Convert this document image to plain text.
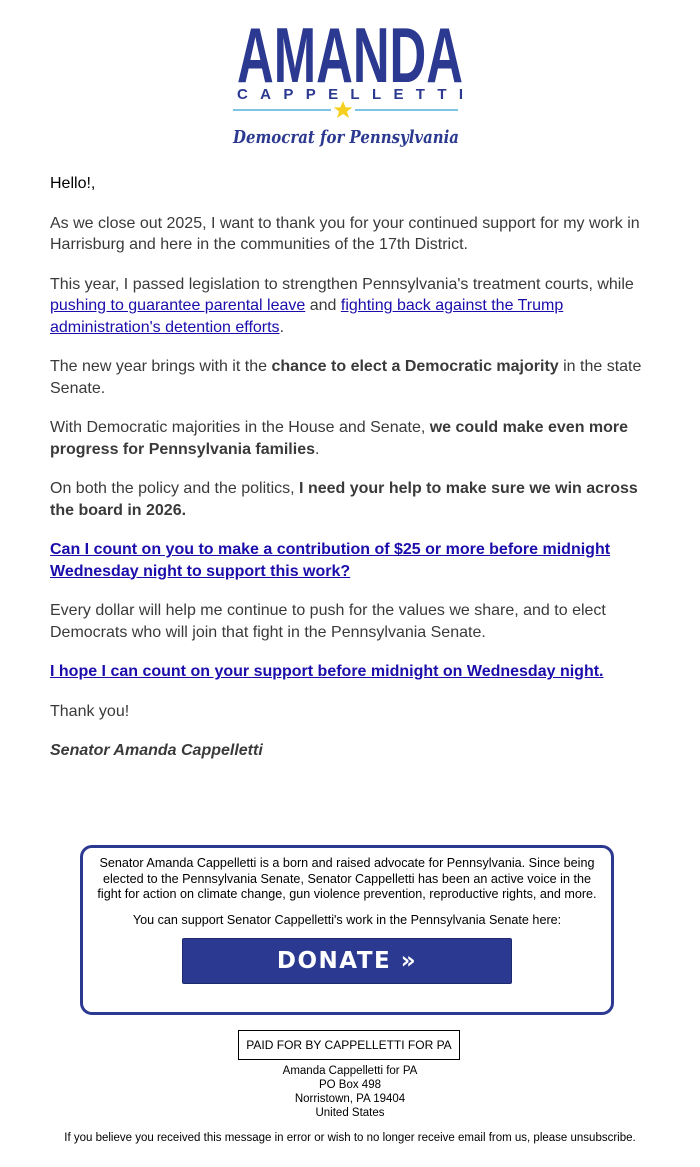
AMANDA
CAPPELLETTI
Democrat for Pennsylvania

Hello!,

As we close out 2025, I want to thank you for your continued support for my work in Harrisburg and here in the communities of the 17th District.

This year, I passed legislation to strengthen Pennsylvania's treatment courts, while pushing to guarantee parental leave and fighting back against the Trump administration's detention efforts.

The new year brings with it the chance to elect a Democratic majority in the state Senate.

With Democratic majorities in the House and Senate, we could make even more progress for Pennsylvania families.

On both the policy and the politics, I need your help to make sure we win across the board in 2026.

Can I count on you to make a contribution of $25 or more before midnight Wednesday night to support this work?

Every dollar will help me continue to push for the values we share, and to elect Democrats who will join that fight in the Pennsylvania Senate.

I hope I can count on your support before midnight on Wednesday night.

Thank you!

Senator Amanda Cappelletti

Senator Amanda Cappelletti is a born and raised advocate for Pennsylvania. Since being elected to the Pennsylvania Senate, Senator Cappelletti has been an active voice in the fight for action on climate change, gun violence prevention, reproductive rights, and more.

You can support Senator Cappelletti's work in the Pennsylvania Senate here:

DONATE »
PAID FOR BY CAPPELLETTI FOR PA
Amanda Cappelletti for PA
PO Box 498
Norristown, PA 19404
United States
If you believe you received this message in error or wish to no longer receive email from us, please unsubscribe.
